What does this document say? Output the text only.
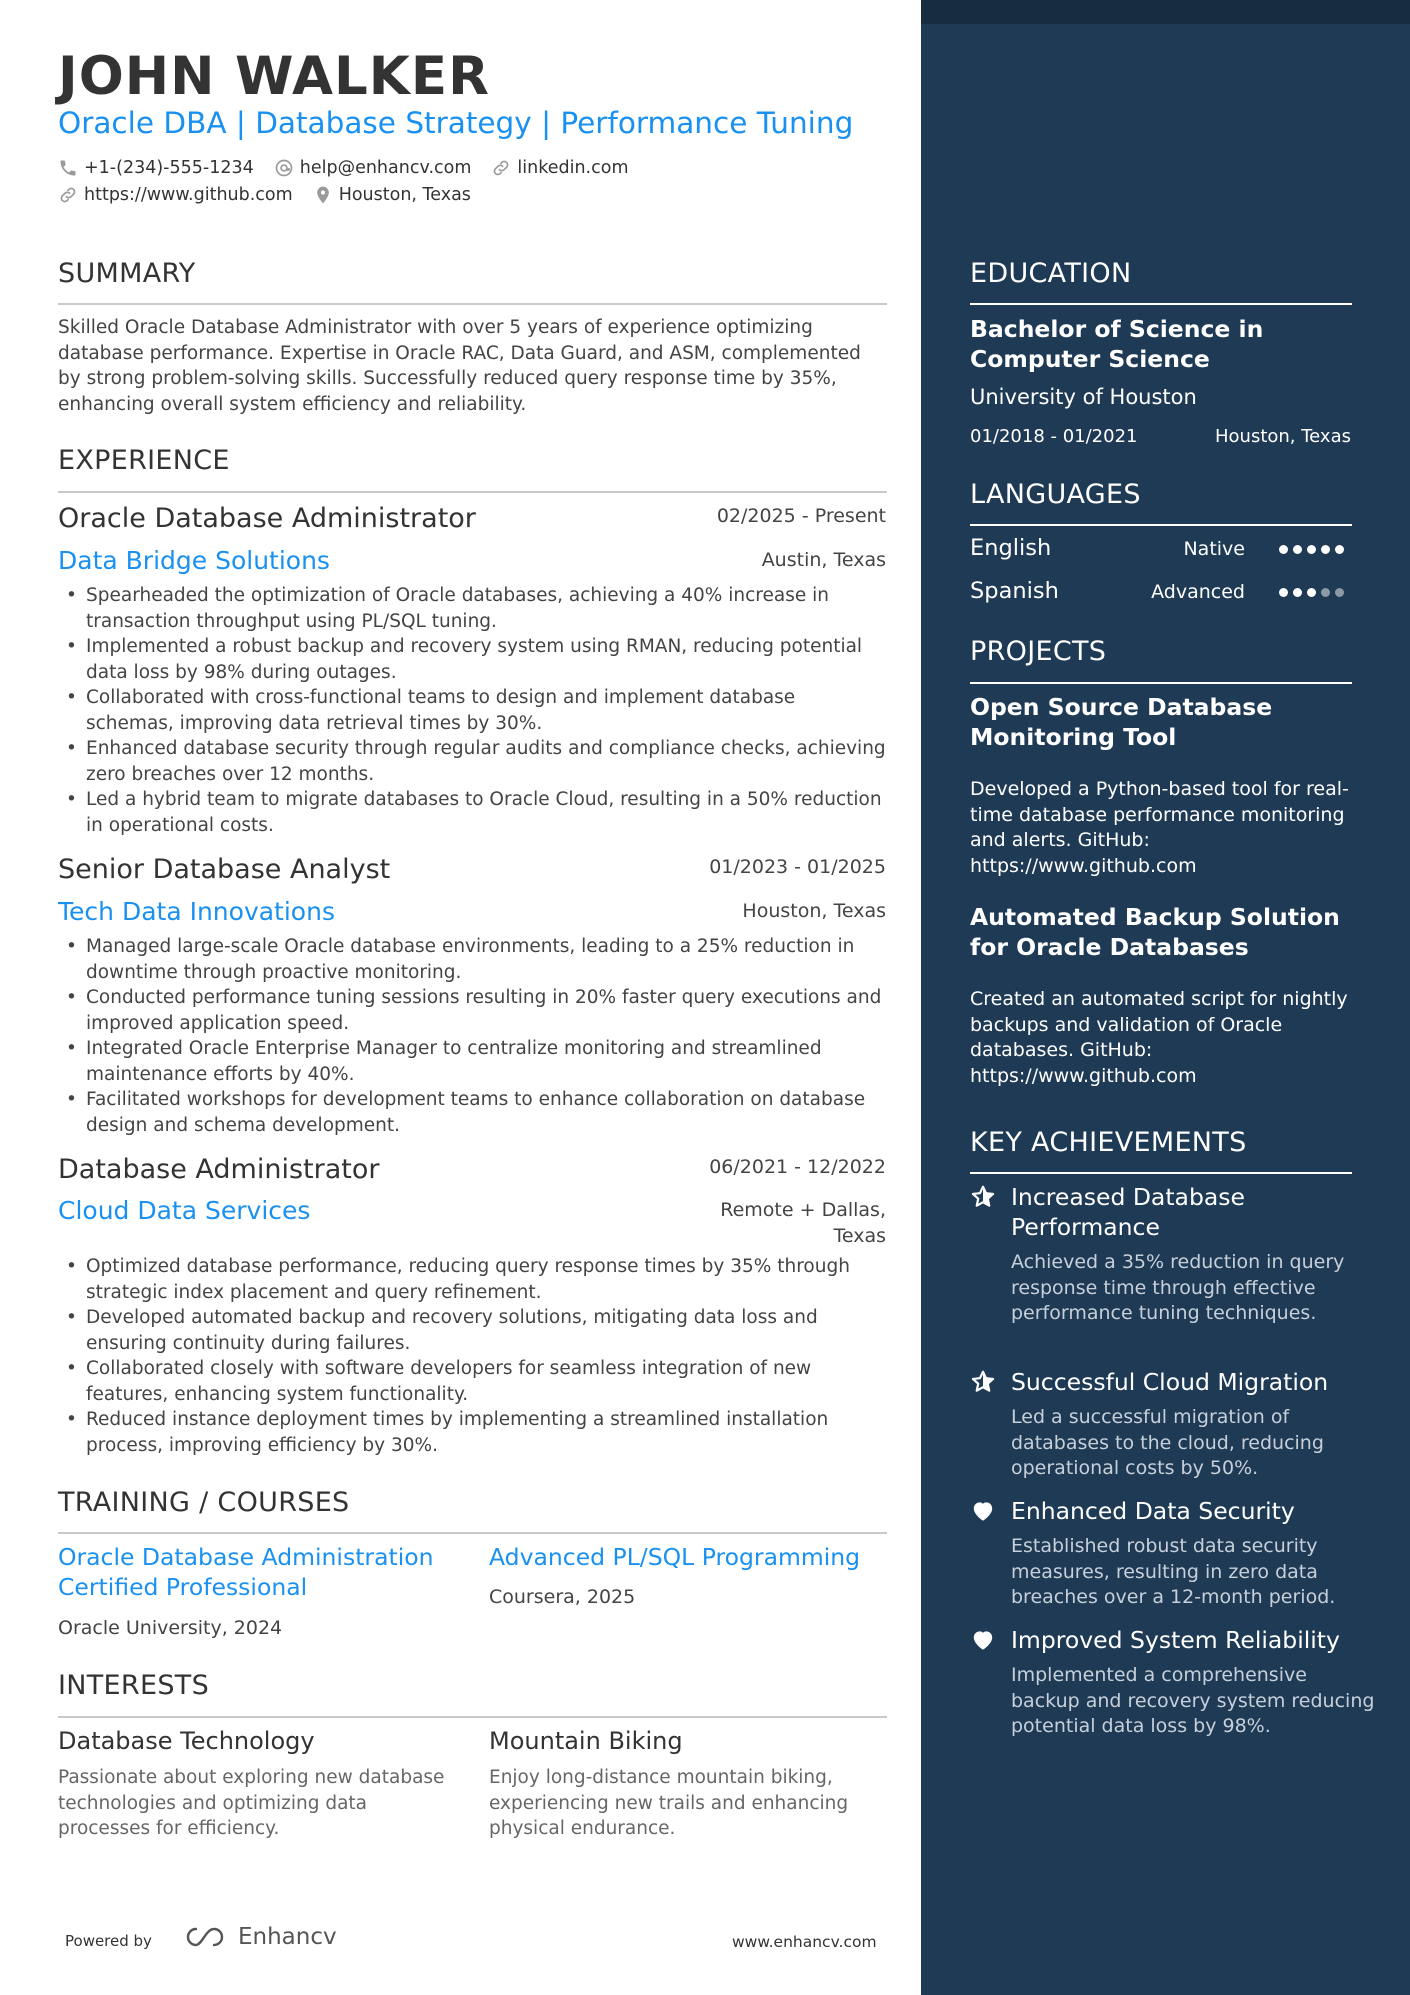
JOHN WALKER
Oracle DBA | Database Strategy | Performance Tuning
+1-(234)-555-1234	help@enhancv.com	linkedin.com
https://www.github.com	Houston, Texas
SUMMARY
Skilled Oracle Database Administrator with over 5 years of experience optimizing database performance. Expertise in Oracle RAC, Data Guard, and ASM, complemented by strong problem-solving skills. Successfully reduced query response time by 35%, enhancing overall system efficiency and reliability.
EXPERIENCE
Oracle Database Administrator	02/2025 - Present
Data Bridge Solutions	Austin, Texas
• Spearheaded the optimization of Oracle databases, achieving a 40% increase in transaction throughput using PL/SQL tuning.
• Implemented a robust backup and recovery system using RMAN, reducing potential data loss by 98% during outages.
• Collaborated with cross-functional teams to design and implement database schemas, improving data retrieval times by 30%.
• Enhanced database security through regular audits and compliance checks, achieving zero breaches over 12 months.
• Led a hybrid team to migrate databases to Oracle Cloud, resulting in a 50% reduction in operational costs.
Senior Database Analyst	01/2023 - 01/2025
Tech Data Innovations	Houston, Texas
• Managed large-scale Oracle database environments, leading to a 25% reduction in downtime through proactive monitoring.
• Conducted performance tuning sessions resulting in 20% faster query executions and improved application speed.
• Integrated Oracle Enterprise Manager to centralize monitoring and streamlined maintenance efforts by 40%.
• Facilitated workshops for development teams to enhance collaboration on database design and schema development.
Database Administrator	06/2021 - 12/2022
Cloud Data Services	Remote + Dallas,
Texas
• Optimized database performance, reducing query response times by 35% through strategic index placement and query refinement.
• Developed automated backup and recovery solutions, mitigating data loss and ensuring continuity during failures.
• Collaborated closely with software developers for seamless integration of new features, enhancing system functionality.
• Reduced instance deployment times by implementing a streamlined installation process, improving efficiency by 30%.
TRAINING / COURSES
Oracle Database Administration Certified Professional
Oracle University, 2024
Advanced PL/SQL Programming
Coursera, 2025
INTERESTS
Database Technology
Passionate about exploring new database technologies and optimizing data processes for efficiency.
Mountain Biking
Enjoy long-distance mountain biking, experiencing new trails and enhancing physical endurance.
Powered by	Enhancv	www.enhancv.com
EDUCATION
Bachelor of Science in Computer Science
University of Houston
01/2018 - 01/2021	Houston, Texas
LANGUAGES
English	Native
Spanish	Advanced
PROJECTS
Open Source Database Monitoring Tool
Developed a Python-based tool for real-time database performance monitoring and alerts. GitHub: https://www.github.com
Automated Backup Solution for Oracle Databases
Created an automated script for nightly backups and validation of Oracle databases. GitHub: https://www.github.com
KEY ACHIEVEMENTS
Increased Database Performance
Achieved a 35% reduction in query response time through effective performance tuning techniques.
Successful Cloud Migration
Led a successful migration of databases to the cloud, reducing operational costs by 50%.
Enhanced Data Security
Established robust data security measures, resulting in zero data breaches over a 12-month period.
Improved System Reliability
Implemented a comprehensive backup and recovery system reducing potential data loss by 98%.
